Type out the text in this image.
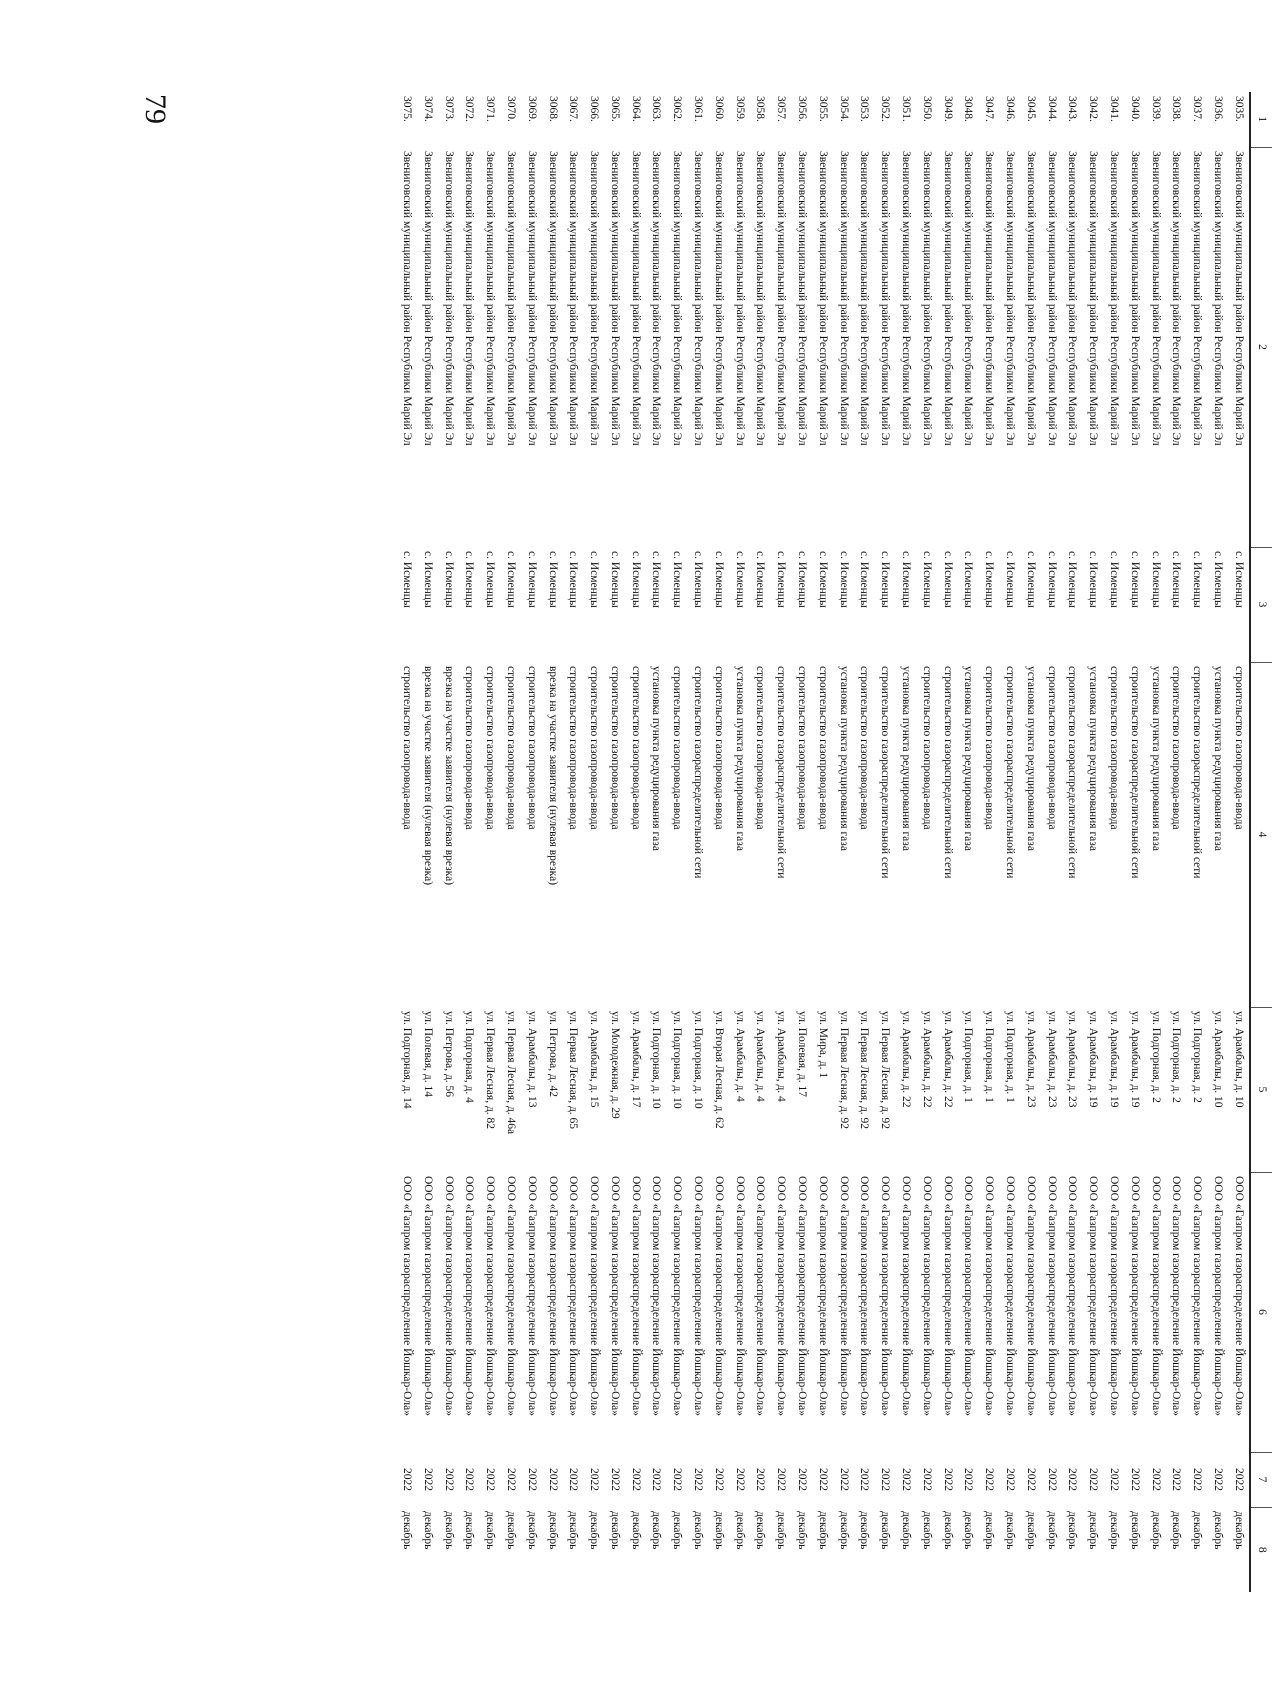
79	1	2	3	4	5	6	7	8
3035.	Звениговский муниципальный район Республики Марий Эл	с. Исменцы	строительство газопровода-ввода	ул. Арамбалы, д. 10	ООО «Газпром газораспределение Йошкар-Ола»	2022	декабрь
3036.	Звениговский муниципальный район Республики Марий Эл	с. Исменцы	установка пункта редуцирования газа	ул. Арамбалы, д. 10	ООО «Газпром газораспределение Йошкар-Ола»	2022	декабрь
3037.	Звениговский муниципальный район Республики Марий Эл	с. Исменцы	строительство газораспределительной сети	ул. Подгорная, д. 2	ООО «Газпром газораспределение Йошкар-Ола»	2022	декабрь
3038.	Звениговский муниципальный район Республики Марий Эл	с. Исменцы	строительство газопровода-ввода	ул. Подгорная, д. 2	ООО «Газпром газораспределение Йошкар-Ола»	2022	декабрь
3039.	Звениговский муниципальный район Республики Марий Эл	с. Исменцы	установка пункта редуцирования газа	ул. Подгорная, д. 2	ООО «Газпром газораспределение Йошкар-Ола»	2022	декабрь
3040.	Звениговский муниципальный район Республики Марий Эл	с. Исменцы	строительство газораспределительной сети	ул. Арамбалы, д. 19	ООО «Газпром газораспределение Йошкар-Ола»	2022	декабрь
3041.	Звениговский муниципальный район Республики Марий Эл	с. Исменцы	строительство газопровода-ввода	ул. Арамбалы, д. 19	ООО «Газпром газораспределение Йошкар-Ола»	2022	декабрь
3042.	Звениговский муниципальный район Республики Марий Эл	с. Исменцы	установка пункта редуцирования газа	ул. Арамбалы, д. 19	ООО «Газпром газораспределение Йошкар-Ола»	2022	декабрь
3043.	Звениговский муниципальный район Республики Марий Эл	с. Исменцы	строительство газораспределительной сети	ул. Арамбалы, д. 23	ООО «Газпром газораспределение Йошкар-Ола»	2022	декабрь
3044.	Звениговский муниципальный район Республики Марий Эл	с. Исменцы	строительство газопровода-ввода	ул. Арамбалы, д. 23	ООО «Газпром газораспределение Йошкар-Ола»	2022	декабрь
3045.	Звениговский муниципальный район Республики Марий Эл	с. Исменцы	установка пункта редуцирования газа	ул. Арамбалы, д. 23	ООО «Газпром газораспределение Йошкар-Ола»	2022	декабрь
3046.	Звениговский муниципальный район Республики Марий Эл	с. Исменцы	строительство газораспределительной сети	ул. Подгорная, д. 1	ООО «Газпром газораспределение Йошкар-Ола»	2022	декабрь
3047.	Звениговский муниципальный район Республики Марий Эл	с. Исменцы	строительство газопровода-ввода	ул. Подгорная, д. 1	ООО «Газпром газораспределение Йошкар-Ола»	2022	декабрь
3048.	Звениговский муниципальный район Республики Марий Эл	с. Исменцы	установка пункта редуцирования газа	ул. Подгорная, д. 1	ООО «Газпром газораспределение Йошкар-Ола»	2022	декабрь
3049.	Звениговский муниципальный район Республики Марий Эл	с. Исменцы	строительство газораспределительной сети	ул. Арамбалы, д. 22	ООО «Газпром газораспределение Йошкар-Ола»	2022	декабрь
3050.	Звениговский муниципальный район Республики Марий Эл	с. Исменцы	строительство газопровода-ввода	ул. Арамбалы, д. 22	ООО «Газпром газораспределение Йошкар-Ола»	2022	декабрь
3051.	Звениговский муниципальный район Республики Марий Эл	с. Исменцы	установка пункта редуцирования газа	ул. Арамбалы, д. 22	ООО «Газпром газораспределение Йошкар-Ола»	2022	декабрь
3052.	Звениговский муниципальный район Республики Марий Эл	с. Исменцы	строительство газораспределительной сети	ул. Первая Лесная, д. 92	ООО «Газпром газораспределение Йошкар-Ола»	2022	декабрь
3053.	Звениговский муниципальный район Республики Марий Эл	с. Исменцы	строительство газопровода-ввода	ул. Первая Лесная, д. 92	ООО «Газпром газораспределение Йошкар-Ола»	2022	декабрь
3054.	Звениговский муниципальный район Республики Марий Эл	с. Исменцы	установка пункта редуцирования газа	ул. Первая Лесная, д. 92	ООО «Газпром газораспределение Йошкар-Ола»	2022	декабрь
3055.	Звениговский муниципальный район Республики Марий Эл	с. Исменцы	строительство газопровода-ввода	ул. Мира, д. 1	ООО «Газпром газораспределение Йошкар-Ола»	2022	декабрь
3056.	Звениговский муниципальный район Республики Марий Эл	с. Исменцы	строительство газопровода-ввода	ул. Полевая, д. 17	ООО «Газпром газораспределение Йошкар-Ола»	2022	декабрь
3057.	Звениговский муниципальный район Республики Марий Эл	с. Исменцы	строительство газораспределительной сети	ул. Арамбалы, д. 4	ООО «Газпром газораспределение Йошкар-Ола»	2022	декабрь
3058.	Звениговский муниципальный район Республики Марий Эл	с. Исменцы	строительство газопровода-ввода	ул. Арамбалы, д. 4	ООО «Газпром газораспределение Йошкар-Ола»	2022	декабрь
3059.	Звениговский муниципальный район Республики Марий Эл	с. Исменцы	установка пункта редуцирования газа	ул. Арамбалы, д. 4	ООО «Газпром газораспределение Йошкар-Ола»	2022	декабрь
3060.	Звениговский муниципальный район Республики Марий Эл	с. Исменцы	строительство газопровода-ввода	ул. Вторая Лесная, д. 62	ООО «Газпром газораспределение Йошкар-Ола»	2022	декабрь
3061.	Звениговский муниципальный район Республики Марий Эл	с. Исменцы	строительство газораспределительной сети	ул. Подгорная, д. 10	ООО «Газпром газораспределение Йошкар-Ола»	2022	декабрь
3062.	Звениговский муниципальный район Республики Марий Эл	с. Исменцы	строительство газопровода-ввода	ул. Подгорная, д. 10	ООО «Газпром газораспределение Йошкар-Ола»	2022	декабрь
3063.	Звениговский муниципальный район Республики Марий Эл	с. Исменцы	установка пункта редуцирования газа	ул. Подгорная, д. 10	ООО «Газпром газораспределение Йошкар-Ола»	2022	декабрь
3064.	Звениговский муниципальный район Республики Марий Эл	с. Исменцы	строительство газопровода-ввода	ул. Арамбалы, д. 17	ООО «Газпром газораспределение Йошкар-Ола»	2022	декабрь
3065.	Звениговский муниципальный район Республики Марий Эл	с. Исменцы	строительство газопровода-ввода	ул. Молодежная, д. 29	ООО «Газпром газораспределение Йошкар-Ола»	2022	декабрь
3066.	Звениговский муниципальный район Республики Марий Эл	с. Исменцы	строительство газопровода-ввода	ул. Арамбалы, д. 15	ООО «Газпром газораспределение Йошкар-Ола»	2022	декабрь
3067.	Звениговский муниципальный район Республики Марий Эл	с. Исменцы	строительство газопровода-ввода	ул. Первая Лесная, д. 65	ООО «Газпром газораспределение Йошкар-Ола»	2022	декабрь
3068.	Звениговский муниципальный район Республики Марий Эл	с. Исменцы	врезка на участке заявителя (нулевая врезка)	ул. Петрова, д. 42	ООО «Газпром газораспределение Йошкар-Ола»	2022	декабрь
3069.	Звениговский муниципальный район Республики Марий Эл	с. Исменцы	строительство газопровода-ввода	ул. Арамбалы, д. 13	ООО «Газпром газораспределение Йошкар-Ола»	2022	декабрь
3070.	Звениговский муниципальный район Республики Марий Эл	с. Исменцы	строительство газопровода-ввода	ул. Первая Лесная, д. 46а	ООО «Газпром газораспределение Йошкар-Ола»	2022	декабрь
3071.	Звениговский муниципальный район Республики Марий Эл	с. Исменцы	строительство газопровода-ввода	ул. Первая Лесная, д. 82	ООО «Газпром газораспределение Йошкар-Ола»	2022	декабрь
3072.	Звениговский муниципальный район Республики Марий Эл	с. Исменцы	строительство газопровода-ввода	ул. Подгорная, д. 4	ООО «Газпром газораспределение Йошкар-Ола»	2022	декабрь
3073.	Звениговский муниципальный район Республики Марий Эл	с. Исменцы	врезка на участке заявителя (нулевая врезка)	ул. Петрова, д. 56	ООО «Газпром газораспределение Йошкар-Ола»	2022	декабрь
3074.	Звениговский муниципальный район Республики Марий Эл	с. Исменцы	врезка на участке заявителя (нулевая врезка)	ул. Полевая, д. 14	ООО «Газпром газораспределение Йошкар-Ола»	2022	декабрь
3075.	Звениговский муниципальный район Республики Марий Эл	с. Исменцы	строительство газопровода-ввода	ул. Подгорная, д. 14	ООО «Газпром газораспределение Йошкар-Ола»	2022	декабрь
